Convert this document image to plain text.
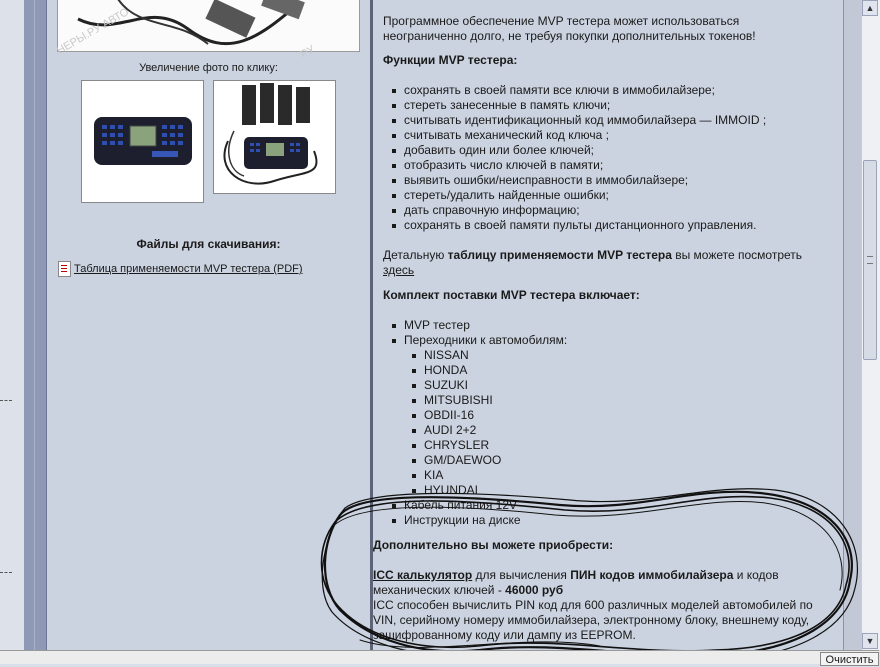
НЕРЫ.РУ АВТО	РУ
Увеличение фото по клику:
Файлы для скачивания:
Таблица применяемости MVP тестера (PDF)
Программное обеспечение MVP тестера может использоваться
неограниченно долго, не требуя покупки дополнительных токенов!
Функции MVP тестера:
сохранять в своей памяти все ключи в иммобилайзере;
стереть занесенные в память ключи;
считывать идентификационный код иммобилайзера — IMMOID ;
считывать механический код ключа ;
добавить один или более ключей;
отобразить число ключей в памяти;
выявить ошибки/неисправности в иммобилайзере;
стереть/удалить найденные ошибки;
дать справочную информацию;
сохранять в своей памяти пульты дистанционного управления.
Детальную таблицу применяемости MVP тестера вы можете посмотреть
здесь
Комплект поставки MVP тестера включает:
MVP тестер
Переходники к автомобилям:
NISSAN
HONDA
SUZUKI
MITSUBISHI
OBDII-16
AUDI 2+2
CHRYSLER
GM/DAEWOO
KIA
HYUNDAI
Кабель питания 12V
Инструкции на диске
Дополнительно вы можете приобрести:
ICC калькулятор для вычисления ПИН кодов иммобилайзера и кодов
механических ключей - 46000 руб
ICC способен вычислить PIN код для 600 различных моделей автомобилей по
VIN, серийному номеру иммобилайзера, электронному блоку, внешнему коду,
зашифрованному коду или дампу из EEPROM.
▲
▼
Очистить
